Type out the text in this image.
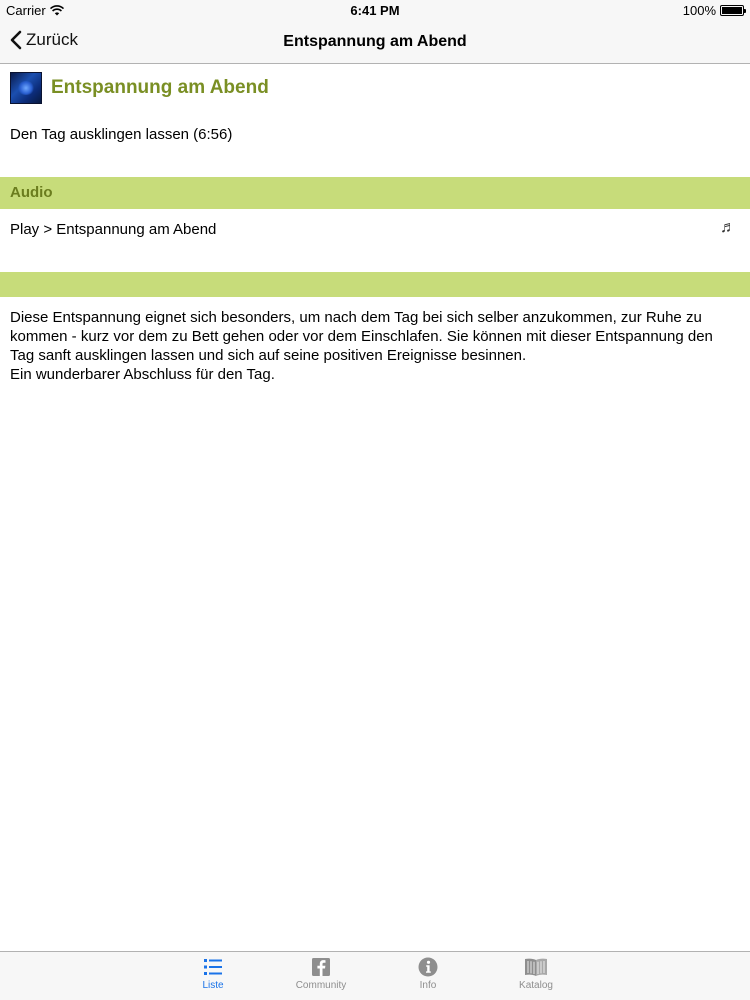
Carrier	6:41 PM	100%
Zurück	Entspannung am Abend
Entspannung am Abend
Den Tag ausklingen lassen (6:56)
Audio
Play > Entspannung am Abend	♬
Diese Entspannung eignet sich besonders, um nach dem Tag bei sich selber anzukommen, zur Ruhe zu kommen - kurz vor dem zu Bett gehen oder vor dem Einschlafen. Sie können mit dieser Entspannung den Tag sanft ausklingen lassen und sich auf seine positiven Ereignisse besinnen.
Ein wunderbarer Abschluss für den Tag.
Liste	Community	Info	Katalog
